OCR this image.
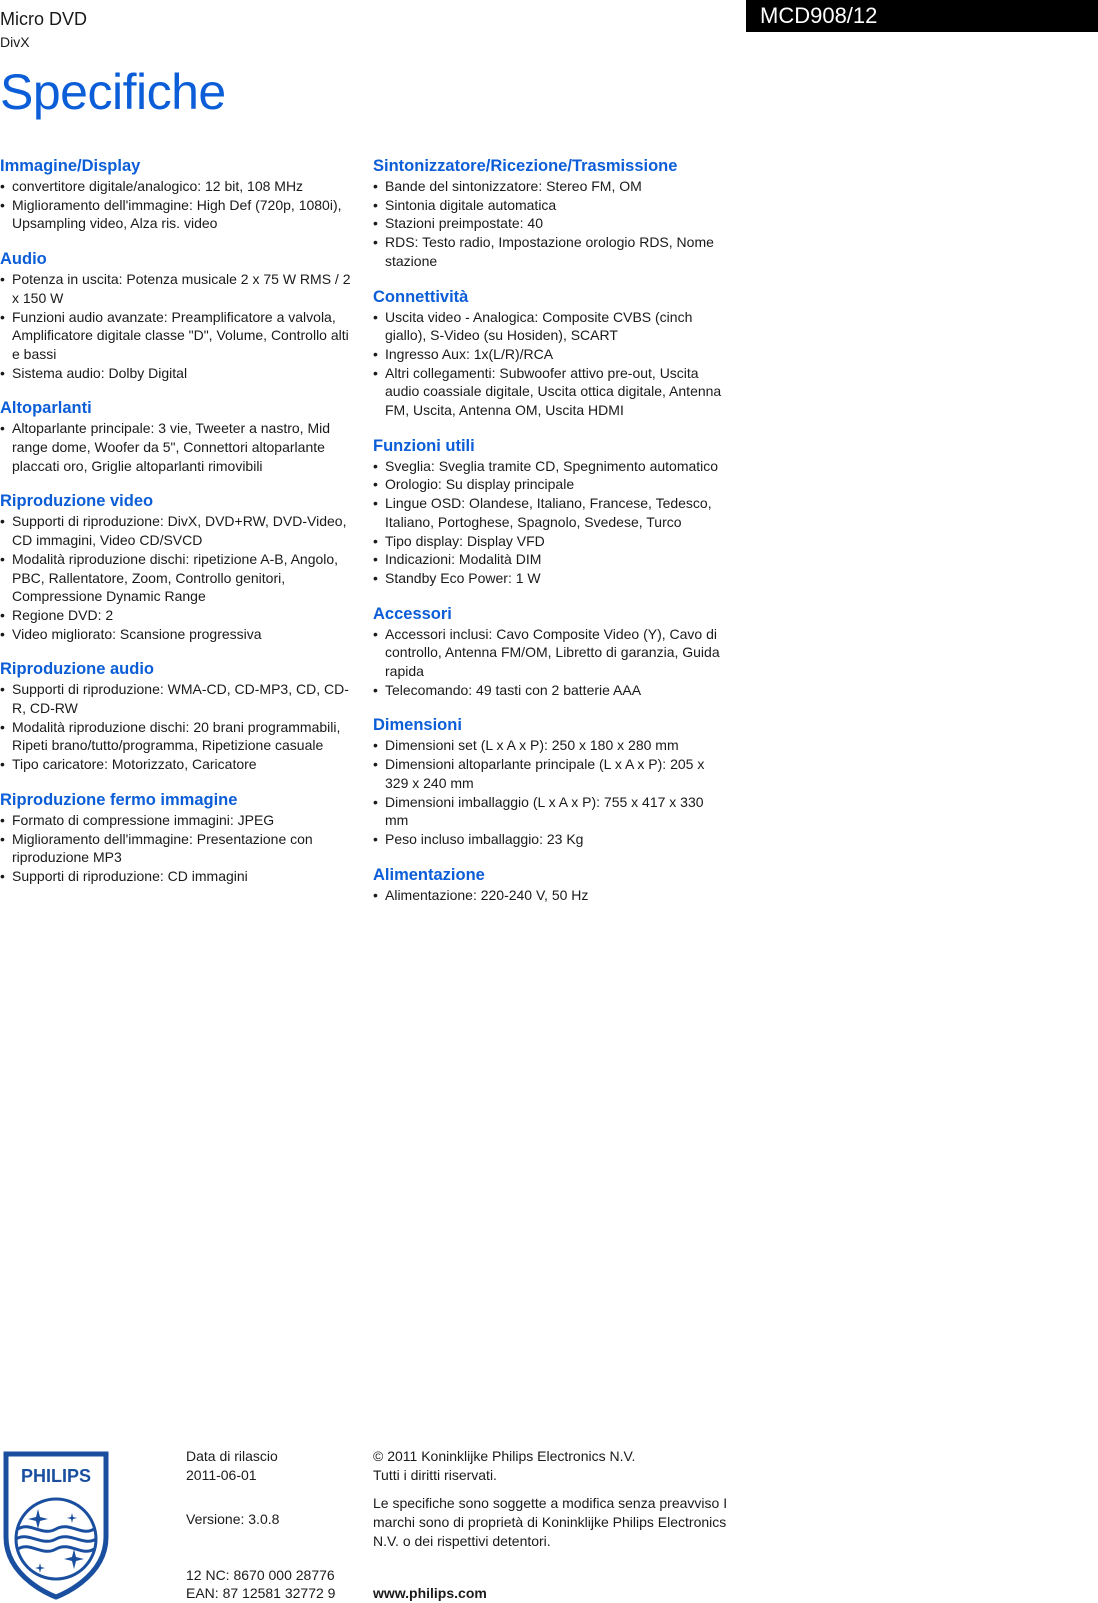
Micro DVD
DivX
MCD908/12
Specifiche
Immagine/Display
• convertitore digitale/analogico: 12 bit, 108 MHz
• Miglioramento dell'immagine: High Def (720p, 1080i), Upsampling video, Alza ris. video
Audio
• Potenza in uscita: Potenza musicale 2 x 75 W RMS / 2 x 150 W
• Funzioni audio avanzate: Preamplificatore a valvola, Amplificatore digitale classe "D", Volume, Controllo alti e bassi
• Sistema audio: Dolby Digital
Altoparlanti
• Altoparlante principale: 3 vie, Tweeter a nastro, Mid range dome, Woofer da 5", Connettori altoparlante placcati oro, Griglie altoparlanti rimovibili
Riproduzione video
• Supporti di riproduzione: DivX, DVD+RW, DVD-Video, CD immagini, Video CD/SVCD
• Modalità riproduzione dischi: ripetizione A-B, Angolo, PBC, Rallentatore, Zoom, Controllo genitori, Compressione Dynamic Range
• Regione DVD: 2
• Video migliorato: Scansione progressiva
Riproduzione audio
• Supporti di riproduzione: WMA-CD, CD-MP3, CD, CD-R, CD-RW
• Modalità riproduzione dischi: 20 brani programmabili, Ripeti brano/tutto/programma, Ripetizione casuale
• Tipo caricatore: Motorizzato, Caricatore
Riproduzione fermo immagine
• Formato di compressione immagini: JPEG
• Miglioramento dell'immagine: Presentazione con riproduzione MP3
• Supporti di riproduzione: CD immagini
Sintonizzatore/Ricezione/Trasmissione
• Bande del sintonizzatore: Stereo FM, OM
• Sintonia digitale automatica
• Stazioni preimpostate: 40
• RDS: Testo radio, Impostazione orologio RDS, Nome stazione
Connettività
• Uscita video - Analogica: Composite CVBS (cinch giallo), S-Video (su Hosiden), SCART
• Ingresso Aux: 1x(L/R)/RCA
• Altri collegamenti: Subwoofer attivo pre-out, Uscita audio coassiale digitale, Uscita ottica digitale, Antenna FM, Uscita, Antenna OM, Uscita HDMI
Funzioni utili
• Sveglia: Sveglia tramite CD, Spegnimento automatico
• Orologio: Su display principale
• Lingue OSD: Olandese, Italiano, Francese, Tedesco, Italiano, Portoghese, Spagnolo, Svedese, Turco
• Tipo display: Display VFD
• Indicazioni: Modalità DIM
• Standby Eco Power: 1 W
Accessori
• Accessori inclusi: Cavo Composite Video (Y), Cavo di controllo, Antenna FM/OM, Libretto di garanzia, Guida rapida
• Telecomando: 49 tasti con 2 batterie AAA
Dimensioni
• Dimensioni set (L x A x P): 250 x 180 x 280 mm
• Dimensioni altoparlante principale (L x A x P): 205 x 329 x 240 mm
• Dimensioni imballaggio (L x A x P): 755 x 417 x 330 mm
• Peso incluso imballaggio: 23 Kg
Alimentazione
• Alimentazione: 220-240 V, 50 Hz
PHILIPS
Data di rilascio
2011-06-01
Versione: 3.0.8
12 NC: 8670 000 28776
EAN: 87 12581 32772 9
© 2011 Koninklijke Philips Electronics N.V.
Tutti i diritti riservati.
Le specifiche sono soggette a modifica senza preavviso I marchi sono di proprietà di Koninklijke Philips Electronics N.V. o dei rispettivi detentori.
www.philips.com
